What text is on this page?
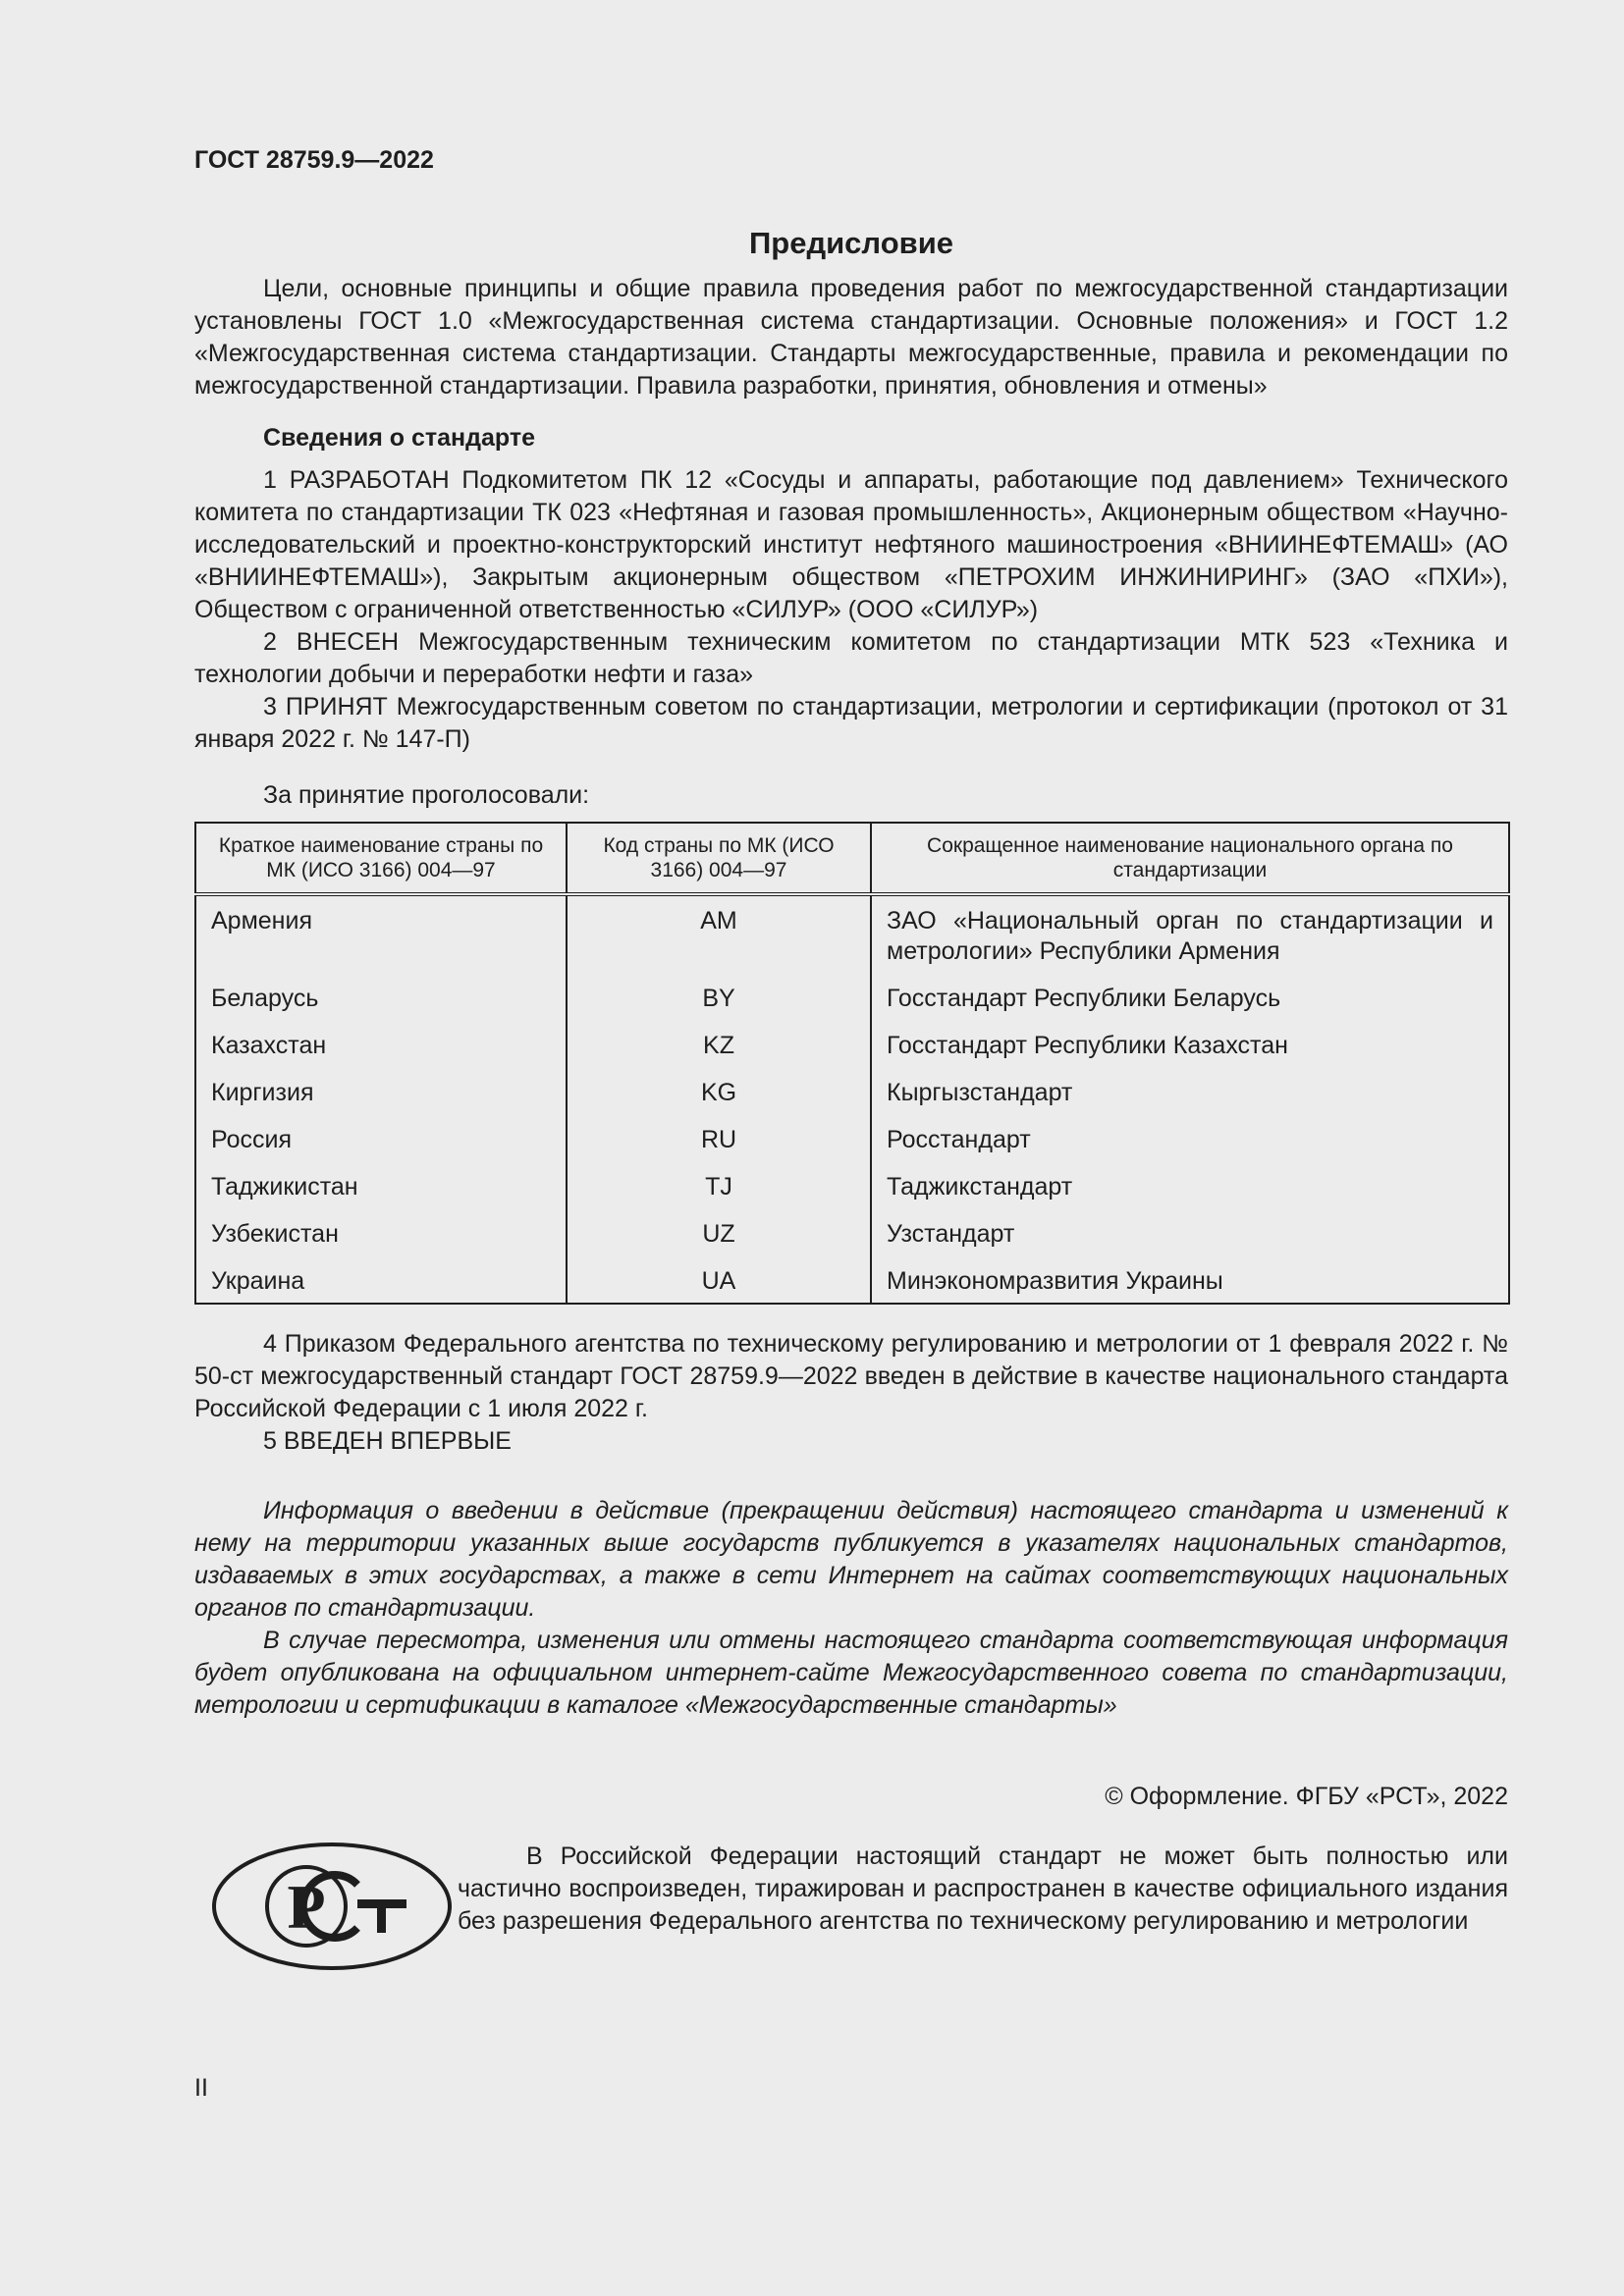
ГОСТ 28759.9—2022
Предисловие

Цели, основные принципы и общие правила проведения работ по межгосударственной стандартизации установлены ГОСТ 1.0 «Межгосударственная система стандартизации. Основные положения» и ГОСТ 1.2 «Межгосударственная система стандартизации. Стандарты межгосударственные, правила и рекомендации по межгосударственной стандартизации. Правила разработки, принятия, обновления и отмены»

Сведения о стандарте

1 РАЗРАБОТАН Подкомитетом ПК 12 «Сосуды и аппараты, работающие под давлением» Технического комитета по стандартизации ТК 023 «Нефтяная и газовая промышленность», Акционерным обществом «Научно-исследовательский и проектно-конструкторский институт нефтяного машиностроения «ВНИИНЕФТЕМАШ» (АО «ВНИИНЕФТЕМАШ»), Закрытым акционерным обществом «ПЕТРОХИМ ИНЖИНИРИНГ» (ЗАО «ПХИ»), Обществом с ограниченной ответственностью «СИЛУР» (ООО «СИЛУР»)

2 ВНЕСЕН Межгосударственным техническим комитетом по стандартизации МТК 523 «Техника и технологии добычи и переработки нефти и газа»

3 ПРИНЯТ Межгосударственным советом по стандартизации, метрологии и сертификации (протокол от 31 января 2022 г. № 147-П)

За принятие проголосовали:
Краткое наименование страны по МК (ИСО 3166) 004—97	Код страны по МК (ИСО 3166) 004—97	Сокращенное наименование национального органа по стандартизации
Армения	AM	ЗАО «Национальный орган по стандартизации и метрологии» Республики Армения
Беларусь	BY	Госстандарт Республики Беларусь
Казахстан	KZ	Госстандарт Республики Казахстан
Киргизия	KG	Кыргызстандарт
Россия	RU	Росстандарт
Таджикистан	TJ	Таджикстандарт
Узбекистан	UZ	Узстандарт
Украина	UA	Минэкономразвития Украины

4 Приказом Федерального агентства по техническому регулированию и метрологии от 1 февраля 2022 г. № 50-ст межгосударственный стандарт ГОСТ 28759.9—2022 введен в действие в качестве национального стандарта Российской Федерации с 1 июля 2022 г.

5 ВВЕДЕН ВПЕРВЫЕ

Информация о введении в действие (прекращении действия) настоящего стандарта и изменений к нему на территории указанных выше государств публикуется в указателях национальных стандартов, издаваемых в этих государствах, а также в сети Интернет на сайтах соответствующих национальных органов по стандартизации.

В случае пересмотра, изменения или отмены настоящего стандарта соответствующая информация будет опубликована на официальном интернет-сайте Межгосударственного совета по стандартизации, метрологии и сертификации в каталоге «Межгосударственные стандарты»

© Оформление. ФГБУ «РСТ», 2022
Р

В Российской Федерации настоящий стандарт не может быть полностью или частично воспроизведен, тиражирован и распространен в качестве официального издания без разрешения Федерального агентства по техническому регулированию и метрологии

II
